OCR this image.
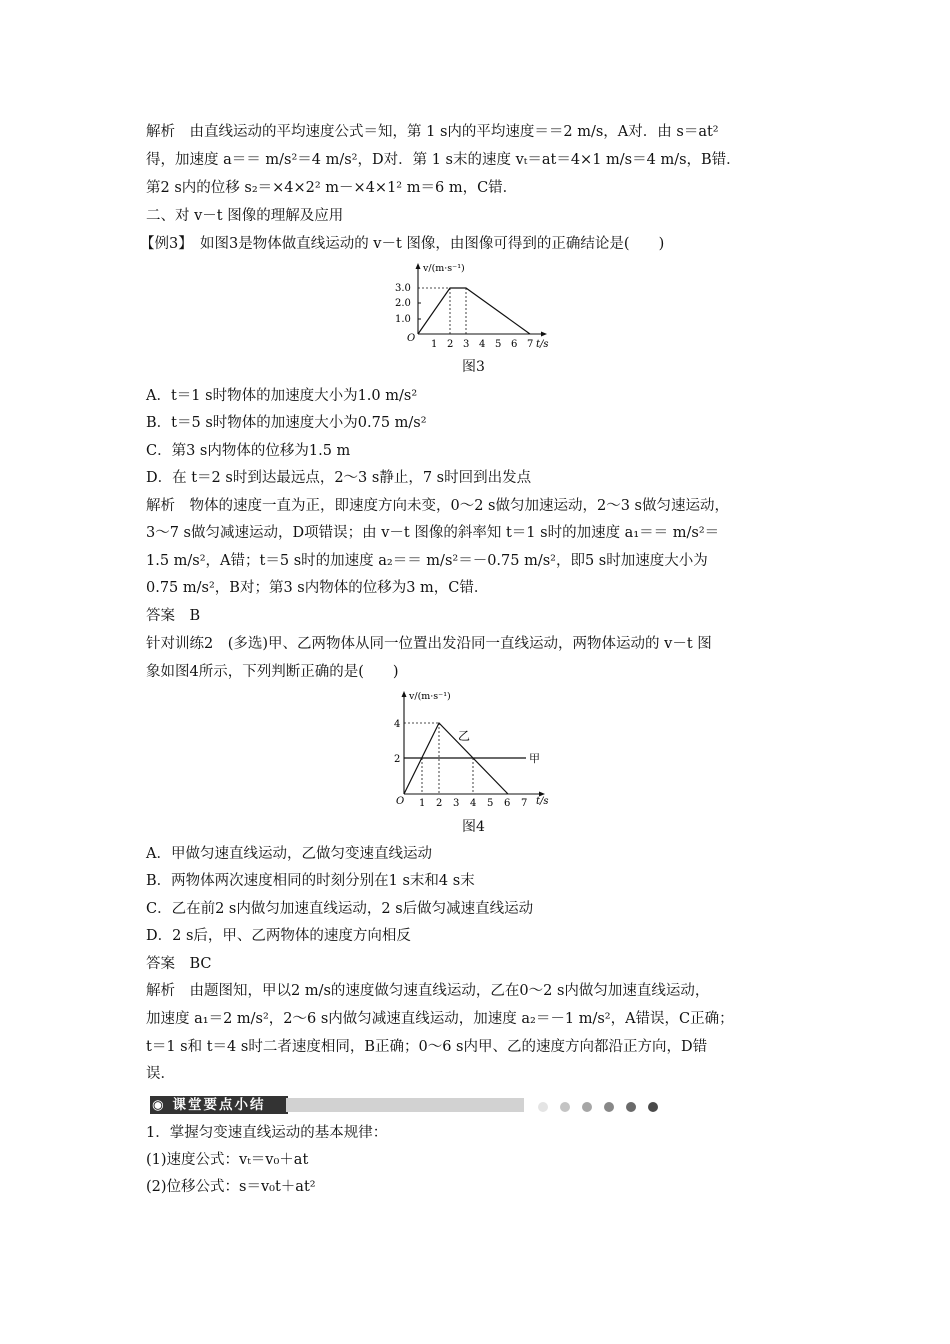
解析　由直线运动的平均速度公式＝知，第 1 s内的平均速度＝＝2 m/s，A对．由 s＝at²
得，加速度 a＝＝ m/s²＝4 m/s²，D对．第 1 s末的速度 vₜ＝at＝4×1 m/s＝4 m/s，B错．
第2 s内的位移 s₂＝×4×2² m－×4×1² m＝6 m，C错．
二、对 v－t 图像的理解及应用
【例3】　如图3是物体做直线运动的 v－t 图像，由图像可得到的正确结论是(　　)
1.0
2.0
3.0
1 2 3 4 5 6 7
O
v/(m·s⁻¹)
t/s
图3
A．t＝1 s时物体的加速度大小为1.0 m/s²
B．t＝5 s时物体的加速度大小为0.75 m/s²
C．第3 s内物体的位移为1.5 m
D．在 t＝2 s时到达最远点，2～3 s静止，7 s时回到出发点
解析　物体的速度一直为正，即速度方向未变，0～2 s做匀加速运动，2～3 s做匀速运动，
3～7 s做匀减速运动，D项错误；由 v－t 图像的斜率知 t＝1 s时的加速度 a₁＝＝ m/s²＝
1.5 m/s²，A错；t＝5 s时的加速度 a₂＝＝ m/s²＝－0.75 m/s²，即5 s时加速度大小为
0.75 m/s²，B对；第3 s内物体的位移为3 m，C错．
答案　B
针对训练2　(多选)甲、乙两物体从同一位置出发沿同一直线运动，两物体运动的 v－t 图
象如图4所示，下列判断正确的是(　　)
2
4
1 2 3 4 5 6 7
O
v/(m·s⁻¹)
t/s
乙
甲
图4
A．甲做匀速直线运动，乙做匀变速直线运动
B．两物体两次速度相同的时刻分别在1 s末和4 s末
C．乙在前2 s内做匀加速直线运动，2 s后做匀减速直线运动
D．2 s后，甲、乙两物体的速度方向相反
答案　BC
解析　由题图知，甲以2 m/s的速度做匀速直线运动，乙在0～2 s内做匀加速直线运动，
加速度 a₁＝2 m/s²，2～6 s内做匀减速直线运动，加速度 a₂＝－1 m/s²，A错误，C正确；
t＝1 s和 t＝4 s时二者速度相同，B正确；0～6 s内甲、乙的速度方向都沿正方向，D错
误．
◉ 课堂要点小结
1．掌握匀变速直线运动的基本规律：
(1)速度公式：vₜ＝v₀＋at
(2)位移公式：s＝v₀t＋at²
